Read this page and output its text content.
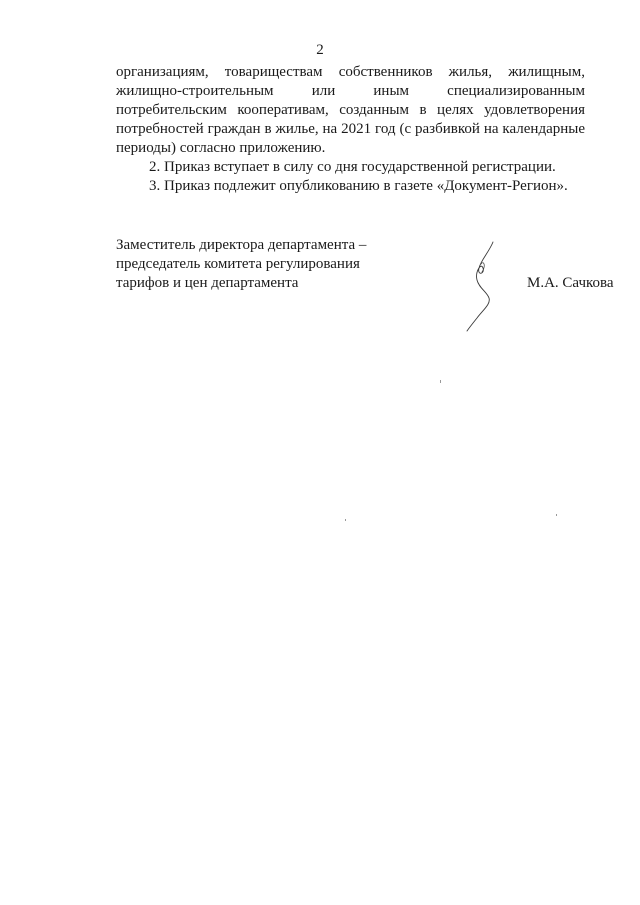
2

организациям, товариществам собственников жилья, жилищным, жилищно-строительным или иным специализированным потребительским кооперативам, созданным в целях удовлетворения потребностей граждан в жилье, на 2021 год (с разбивкой на календарные периоды) согласно приложению.

2. Приказ вступает в силу со дня государственной регистрации.

3. Приказ подлежит опубликованию в газете «Документ-Регион».

Заместитель директора департамента –
председатель комитета регулирования
тарифов и цен департамента	М.А. Сачкова
